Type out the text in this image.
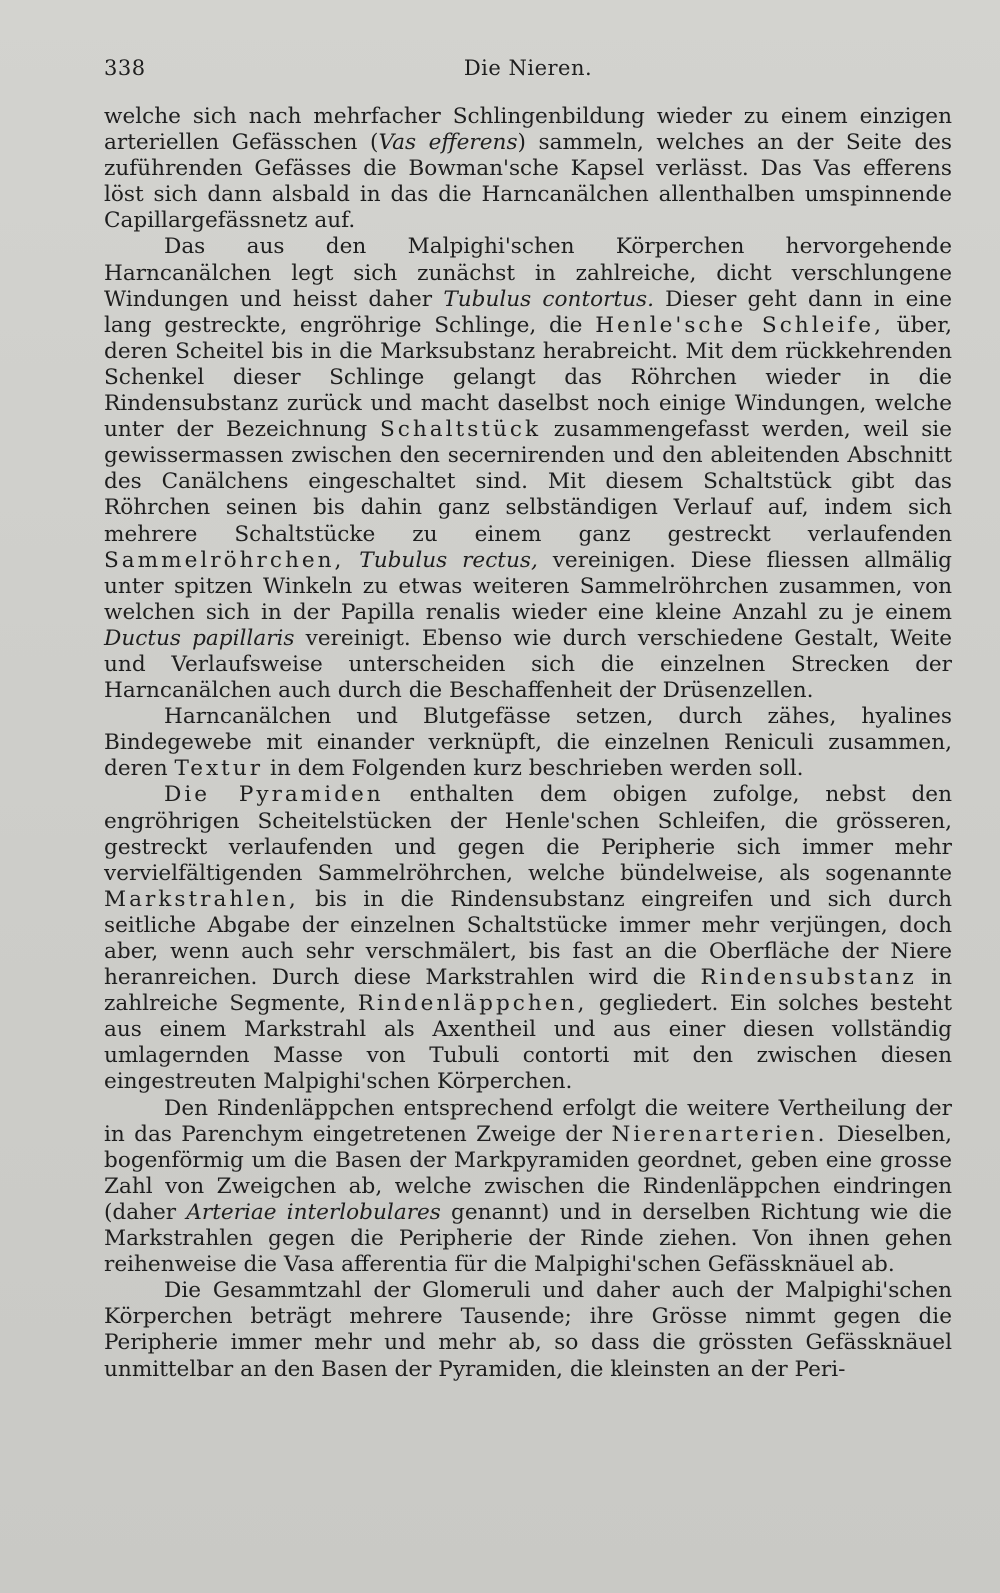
338	Die Nieren.

welche sich nach mehrfacher Schlingenbildung wieder zu einem einzigen arteriellen Gefässchen (Vas efferens) sammeln, welches an der Seite des zuführenden Gefässes die Bowman'sche Kapsel verlässt. Das Vas efferens löst sich dann alsbald in das die Harncanälchen allenthalben umspinnende Capillargefässnetz auf.

Das aus den Malpighi'schen Körperchen hervorgehende Harncanälchen legt sich zunächst in zahlreiche, dicht verschlungene Windungen und heisst daher Tubulus contortus. Dieser geht dann in eine lang gestreckte, engröhrige Schlinge, die Henle'sche Schleife, über, deren Scheitel bis in die Marksubstanz herabreicht. Mit dem rückkehrenden Schenkel dieser Schlinge gelangt das Röhrchen wieder in die Rindensubstanz zurück und macht daselbst noch einige Windungen, welche unter der Bezeichnung Schaltstück zusammengefasst werden, weil sie gewissermassen zwischen den secernirenden und den ableitenden Abschnitt des Canälchens eingeschaltet sind. Mit diesem Schaltstück gibt das Röhrchen seinen bis dahin ganz selbständigen Verlauf auf, indem sich mehrere Schaltstücke zu einem ganz gestreckt verlaufenden Sammelröhrchen, Tubulus rectus, vereinigen. Diese fliessen allmälig unter spitzen Winkeln zu etwas weiteren Sammelröhrchen zusammen, von welchen sich in der Papilla renalis wieder eine kleine Anzahl zu je einem Ductus papillaris vereinigt. Ebenso wie durch verschiedene Gestalt, Weite und Verlaufsweise unterscheiden sich die einzelnen Strecken der Harncanälchen auch durch die Beschaffenheit der Drüsenzellen.

Harncanälchen und Blutgefässe setzen, durch zähes, hyalines Bindegewebe mit einander verknüpft, die einzelnen Reniculi zusammen, deren Textur in dem Folgenden kurz beschrieben werden soll.

Die Pyramiden enthalten dem obigen zufolge, nebst den engröhrigen Scheitelstücken der Henle'schen Schleifen, die grösseren, gestreckt verlaufenden und gegen die Peripherie sich immer mehr vervielfältigenden Sammelröhrchen, welche bündelweise, als sogenannte Markstrahlen, bis in die Rindensubstanz eingreifen und sich durch seitliche Abgabe der einzelnen Schaltstücke immer mehr verjüngen, doch aber, wenn auch sehr verschmälert, bis fast an die Oberfläche der Niere heranreichen. Durch diese Markstrahlen wird die Rindensubstanz in zahlreiche Segmente, Rindenläppchen, gegliedert. Ein solches besteht aus einem Markstrahl als Axentheil und aus einer diesen vollständig umlagernden Masse von Tubuli contorti mit den zwischen diesen eingestreuten Malpighi'schen Körperchen.

Den Rindenläppchen entsprechend erfolgt die weitere Vertheilung der in das Parenchym eingetretenen Zweige der Nierenarterien. Dieselben, bogenförmig um die Basen der Markpyramiden geordnet, geben eine grosse Zahl von Zweigchen ab, welche zwischen die Rindenläppchen eindringen (daher Arteriae interlobulares genannt) und in derselben Richtung wie die Markstrahlen gegen die Peripherie der Rinde ziehen. Von ihnen gehen reihenweise die Vasa afferentia für die Malpighi'schen Gefässknäuel ab.

Die Gesammtzahl der Glomeruli und daher auch der Malpighi'schen Körperchen beträgt mehrere Tausende; ihre Grösse nimmt gegen die Peripherie immer mehr und mehr ab, so dass die grössten Gefässknäuel unmittelbar an den Basen der Pyramiden, die kleinsten an der Peri-
